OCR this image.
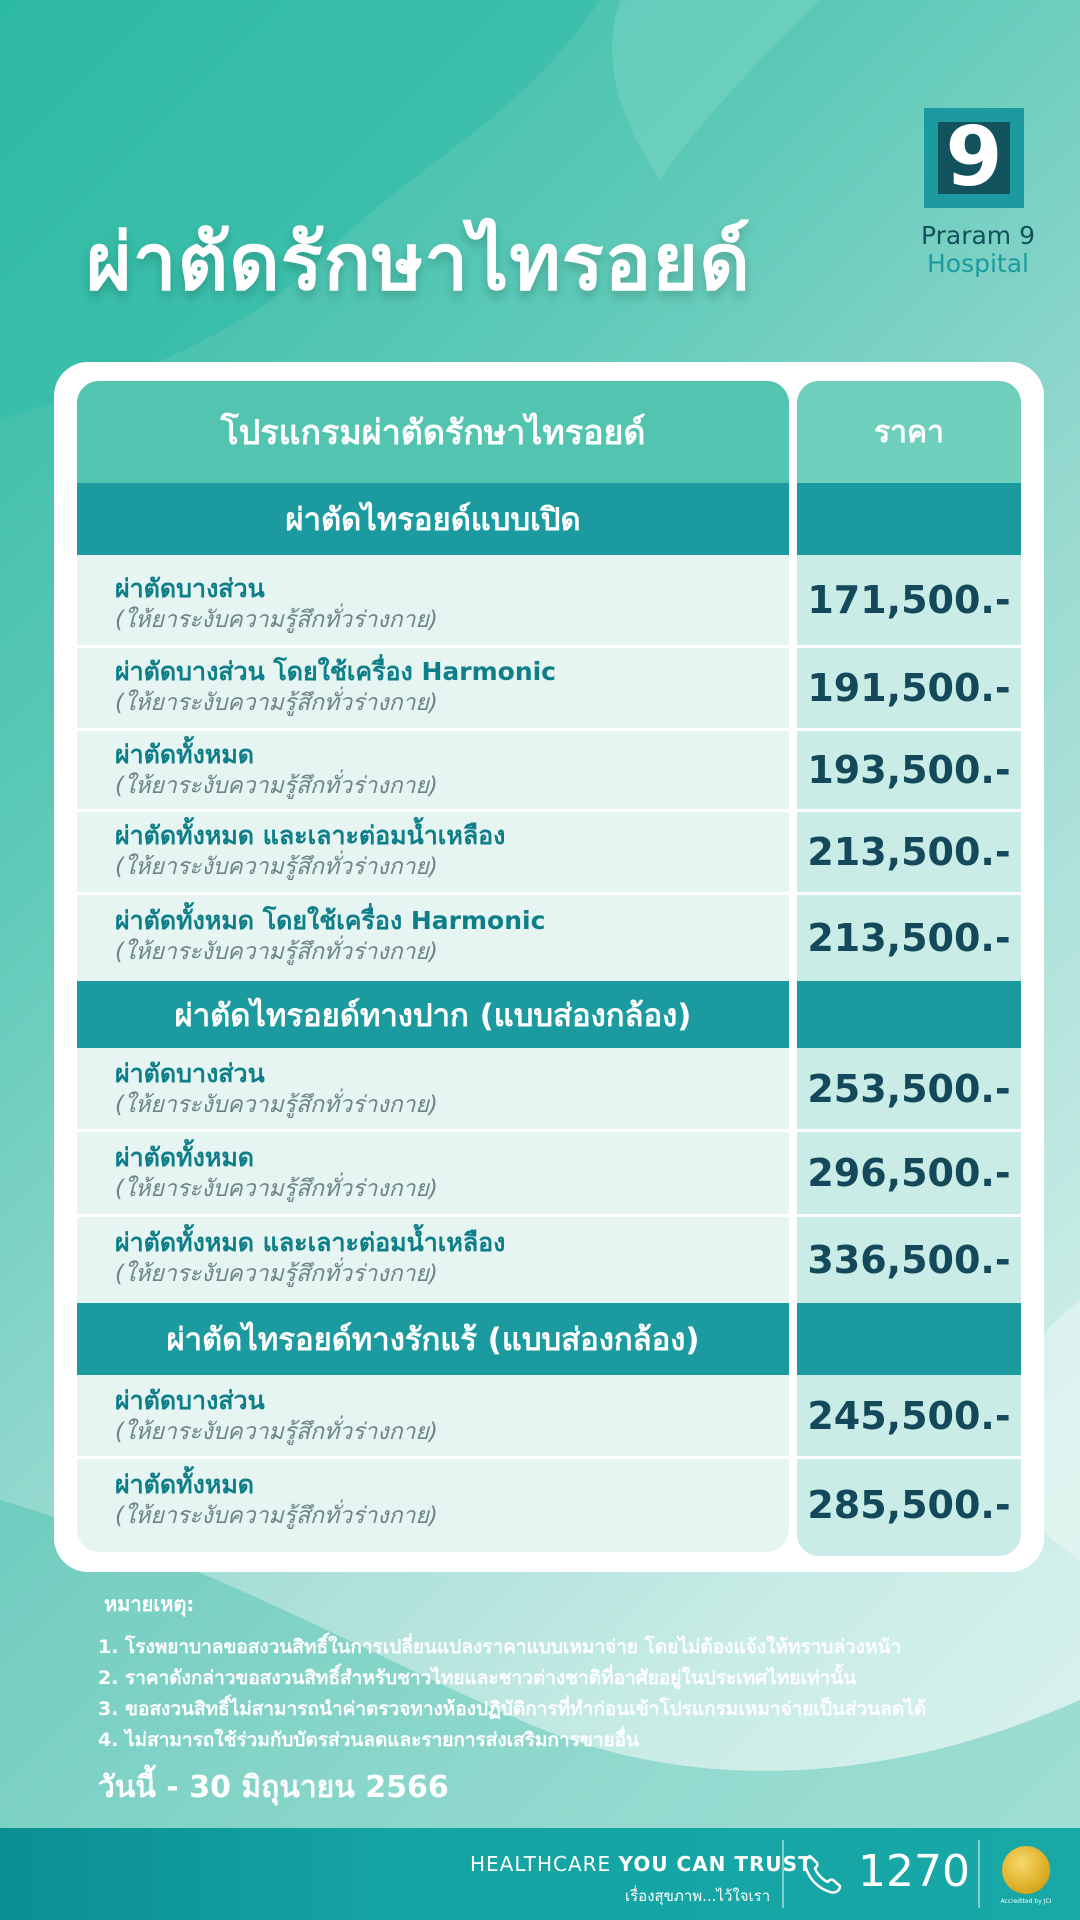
ผ่าตัดรักษาไทรอยด์
9
Praram 9
Hospital
โปรแกรมผ่าตัดรักษาไทรอยด์
ผ่าตัดไทรอยด์แบบเปิด
ผ่าตัดบางส่วน
(ให้ยาระงับความรู้สึกทั่วร่างกาย)
ผ่าตัดบางส่วน โดยใช้เครื่อง Harmonic
(ให้ยาระงับความรู้สึกทั่วร่างกาย)
ผ่าตัดทั้งหมด
(ให้ยาระงับความรู้สึกทั่วร่างกาย)
ผ่าตัดทั้งหมด และเลาะต่อมน้ำเหลือง
(ให้ยาระงับความรู้สึกทั่วร่างกาย)
ผ่าตัดทั้งหมด โดยใช้เครื่อง Harmonic
(ให้ยาระงับความรู้สึกทั่วร่างกาย)
ผ่าตัดไทรอยด์ทางปาก (แบบส่องกล้อง)
ผ่าตัดบางส่วน
(ให้ยาระงับความรู้สึกทั่วร่างกาย)
ผ่าตัดทั้งหมด
(ให้ยาระงับความรู้สึกทั่วร่างกาย)
ผ่าตัดทั้งหมด และเลาะต่อมน้ำเหลือง
(ให้ยาระงับความรู้สึกทั่วร่างกาย)
ผ่าตัดไทรอยด์ทางรักแร้ (แบบส่องกล้อง)
ผ่าตัดบางส่วน
(ให้ยาระงับความรู้สึกทั่วร่างกาย)
ผ่าตัดทั้งหมด
(ให้ยาระงับความรู้สึกทั่วร่างกาย)
ราคา
171,500.-
191,500.-
193,500.-
213,500.-
213,500.-
253,500.-
296,500.-
336,500.-
245,500.-
285,500.-
หมายเหตุ:
1. โรงพยาบาลขอสงวนสิทธิ์ในการเปลี่ยนแปลงราคาแบบเหมาจ่าย โดยไม่ต้องแจ้งให้ทราบล่วงหน้า
2. ราคาดังกล่าวขอสงวนสิทธิ์สำหรับชาวไทยและชาวต่างชาติที่อาศัยอยู่ในประเทศไทยเท่านั้น
3. ขอสงวนสิทธิ์ไม่สามารถนำค่าตรวจทางห้องปฏิบัติการที่ทำก่อนเข้าโปรแกรมเหมาจ่ายเป็นส่วนลดได้
4. ไม่สามารถใช้ร่วมกับบัตรส่วนลดและรายการส่งเสริมการขายอื่น
วันนี้ - 30 มิถุนายน 2566
HEALTHCARE YOU CAN TRUST
เรื่องสุขภาพ...ไว้ใจเรา 1270
Accredited by JCI
